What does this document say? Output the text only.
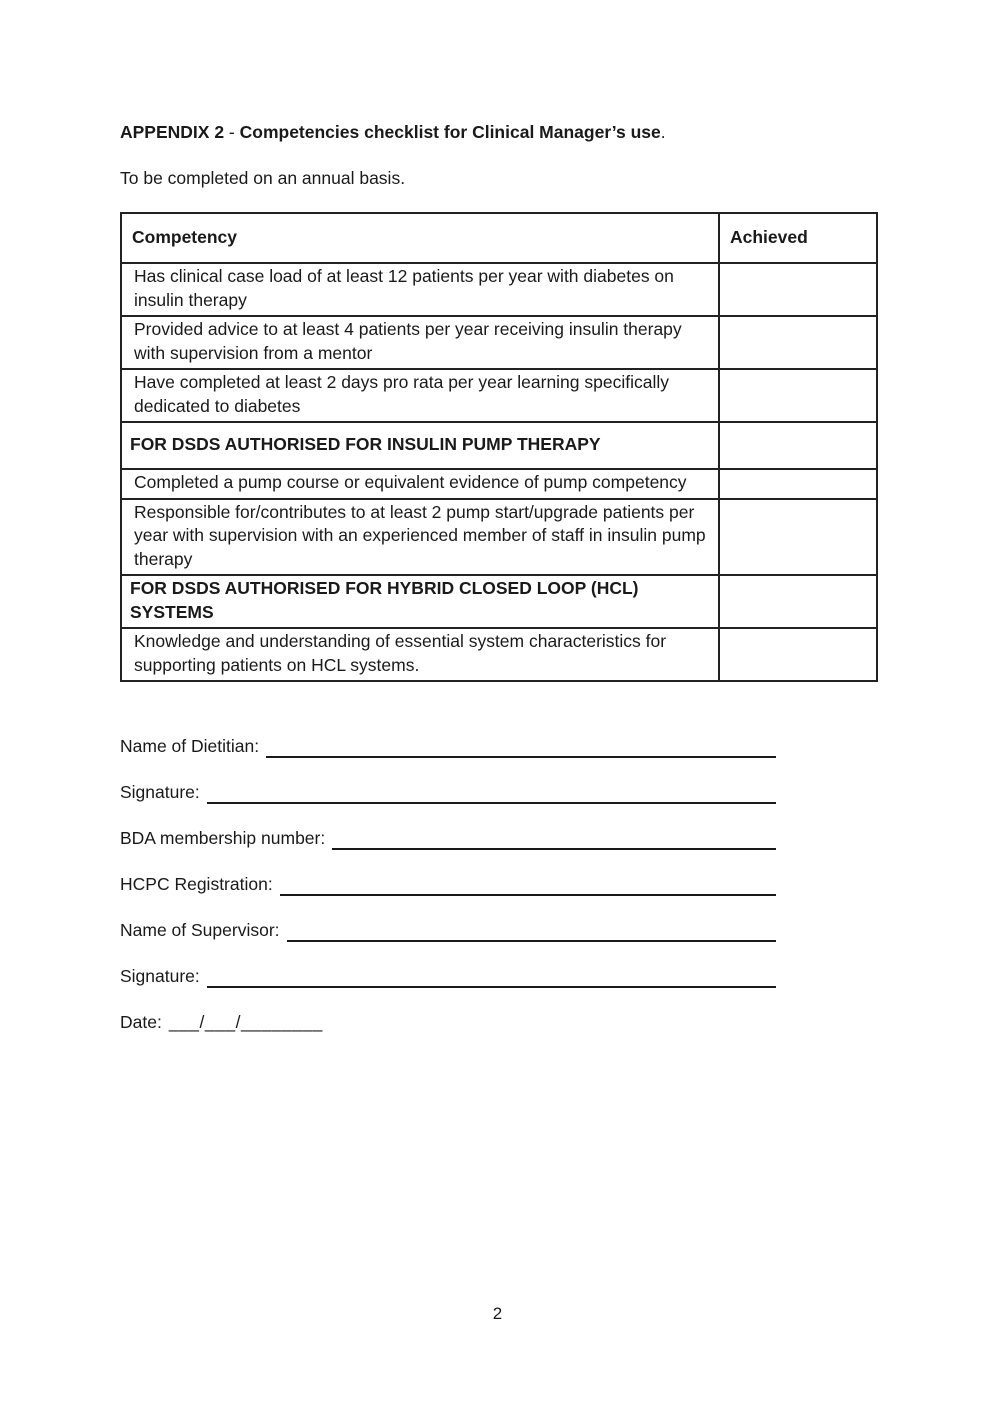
APPENDIX 2 - Competencies checklist for Clinical Manager’s use.
To be completed on an annual basis.
Competency	Achieved
Has clinical case load of at least 12 patients per year with diabetes on insulin therapy	
Provided advice to at least 4 patients per year receiving insulin therapy with supervision from a mentor	
Have completed at least 2 days pro rata per year learning specifically dedicated to diabetes	
FOR DSDS AUTHORISED FOR INSULIN PUMP THERAPY	
Completed a pump course or equivalent evidence of pump competency	
Responsible for/contributes to at least 2 pump start/upgrade patients per year with supervision with an experienced member of staff in insulin pump therapy	
FOR DSDS AUTHORISED FOR HYBRID CLOSED LOOP (HCL) SYSTEMS	
Knowledge and understanding of essential system characteristics for supporting patients on HCL systems.	
Name of Dietitian:
Signature:
BDA membership number:
HCPC Registration:
Name of Supervisor:
Signature:
Date: ___/___/________
2
